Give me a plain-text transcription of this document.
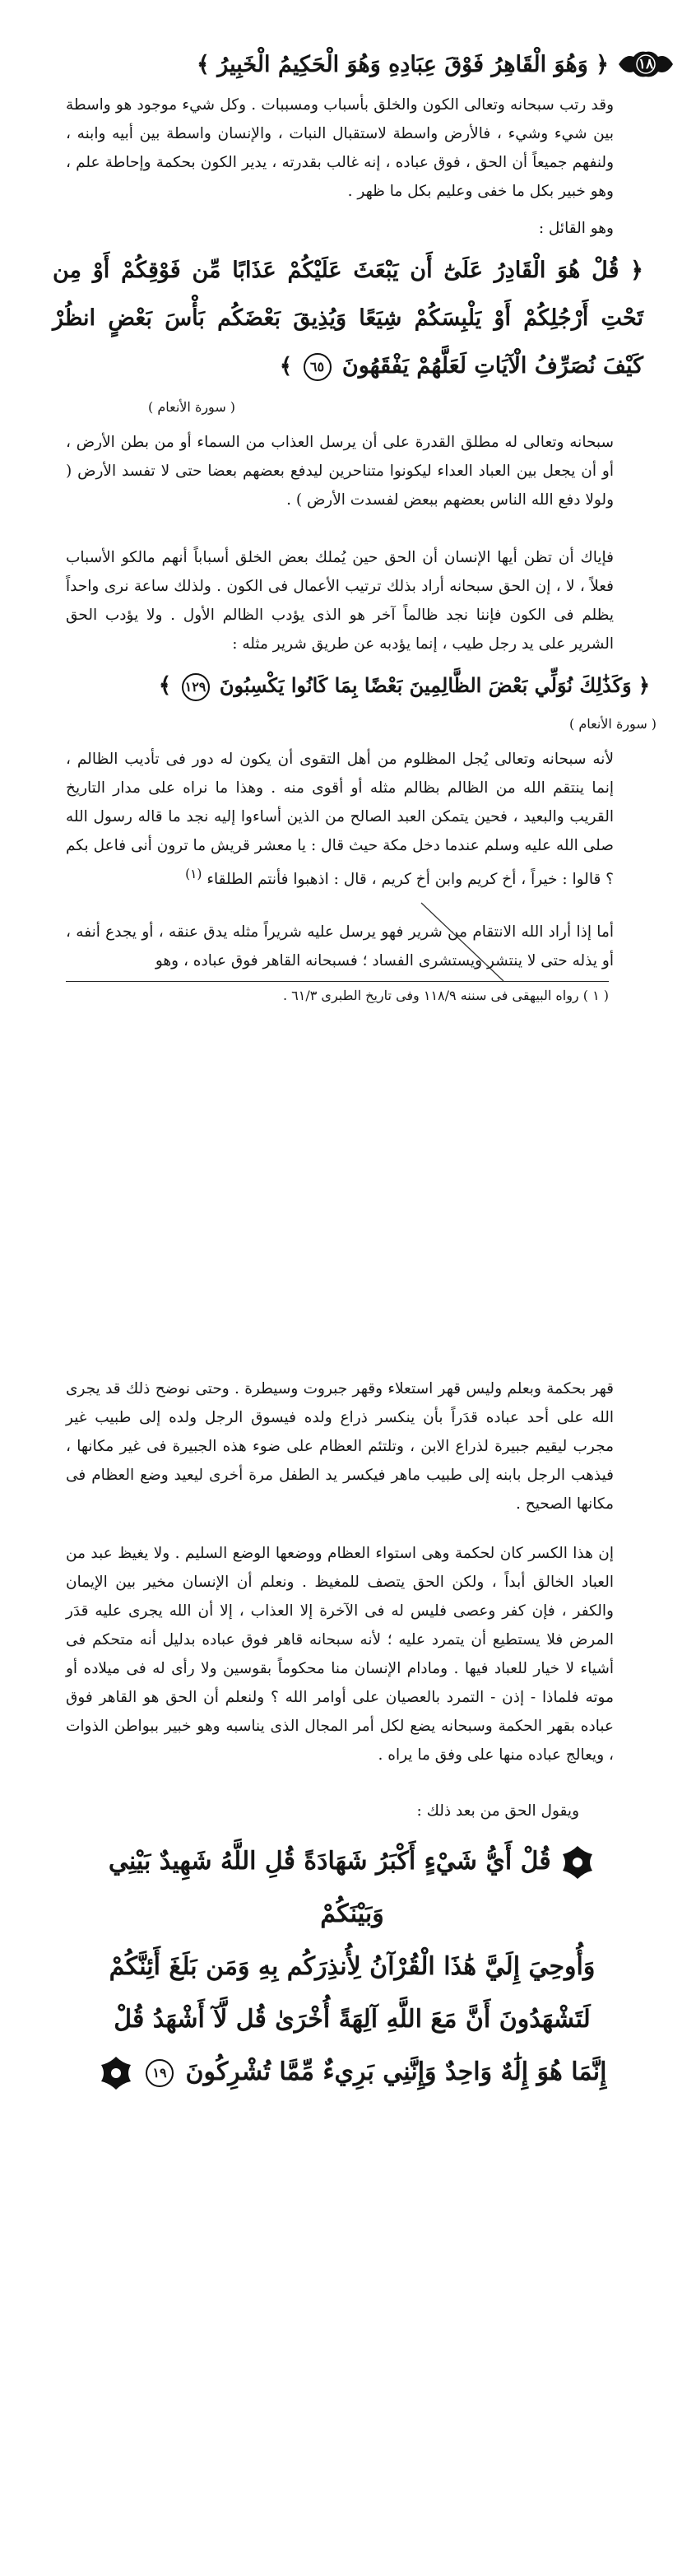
١٨
﴿ وَهُوَ الْقَاهِرُ فَوْقَ عِبَادِهِ وَهُوَ الْحَكِيمُ الْخَبِيرُ ﴾

وقد رتب سبحانه وتعالى الكون والخلق بأسباب ومسببات . وكل شيء موجود هو واسطة بين شيء وشيء ، فالأرض واسطة لاستقبال النبات ، والإنسان واسطة بين أبيه وابنه ، ولنفهم جميعاً أن الحق ، فوق عباده ، إنه غالب بقدرته ، يدير الكون بحكمة وإحاطة علم ، وهو خبير بكل ما خفى وعليم بكل ما ظهر .

وهو القائل :

﴿ قُلْ هُوَ الْقَادِرُ عَلَىٰٓ أَن يَبْعَثَ عَلَيْكُمْ عَذَابًا مِّن فَوْقِكُمْ أَوْ مِن تَحْتِ أَرْجُلِكُمْ أَوْ يَلْبِسَكُمْ شِيَعًا وَيُذِيقَ بَعْضَكُم بَأْسَ بَعْضٍ انظُرْ كَيْفَ نُصَرِّفُ الْآيَاتِ لَعَلَّهُمْ يَفْقَهُونَ ٦٥ ﴾
( سورة الأنعام )

سبحانه وتعالى له مطلق القدرة على أن يرسل العذاب من السماء أو من بطن الأرض ، أو أن يجعل بين العباد العداء ليكونوا متناحرين ليدفع بعضهم بعضا حتى لا تفسد الأرض ( ولولا دفع الله الناس بعضهم ببعض لفسدت الأرض ) .

فإياك أن تظن أيها الإنسان أن الحق حين يُملك بعض الخلق أسباباً أنهم مالكو الأسباب فعلاً ، لا ، إن الحق سبحانه أراد بذلك ترتيب الأعمال فى الكون . ولذلك ساعة نرى واحداً يظلم فى الكون فإننا نجد ظالماً آخر هو الذى يؤدب الظالم الأول . ولا يؤدب الحق الشرير على يد رجل طيب ، إنما يؤدبه عن طريق شرير مثله :

﴿ وَكَذَٰلِكَ نُوَلِّي بَعْضَ الظَّالِمِينَ بَعْضًا بِمَا كَانُوا يَكْسِبُونَ ١٢٩ ﴾
( سورة الأنعام )

لأنه سبحانه وتعالى يُجل المظلوم من أهل التقوى أن يكون له دور فى تأديب الظالم ، إنما ينتقم الله من الظالم بظالم مثله أو أقوى منه . وهذا ما نراه على مدار التاريخ القريب والبعيد ، فحين يتمكن العبد الصالح من الذين أساءوا إليه نجد ما قاله رسول الله صلى الله عليه وسلم عندما دخل مكة حيث قال : يا معشر قريش ما ترون أنى فاعل بكم ؟ قالوا : خيراً ، أخ كريم وابن أخ كريم ، قال : اذهبوا فأنتم الطلقاء $^{(١)}$

أما إذا أراد الله الانتقام من شرير فهو يرسل عليه شريراً مثله يدق عنقه ، أو يجدع أنفه ، أو يذله حتى لا ينتشر ويستشرى الفساد ؛ فسبحانه القاهر فوق عباده ، وهو

( ١ ) رواه البيهقى فى سننه ١١٨/٩ وفى تاريخ الطبرى ٦١/٣ .

قهر بحكمة وبعلم وليس قهر استعلاء وقهر جبروت وسيطرة . وحتى نوضح ذلك قد يجرى الله على أحد عباده قدَراً بأن ينكسر ذراع ولده فيسوق الرجل ولده إلى طبيب غير مجرب ليقيم جبيرة لذراع الابن ، وتلتئم العظام على ضوء هذه الجبيرة فى غير مكانها ، فيذهب الرجل بابنه إلى طبيب ماهر فيكسر يد الطفل مرة أخرى ليعيد وضع العظام فى مكانها الصحيح .

إن هذا الكسر كان لحكمة وهى استواء العظام ووضعها الوضع السليم . ولا يغيظ عبد من العباد الخالق أبداً ، ولكن الحق يتصف للمغيظ . ونعلم أن الإنسان مخير بين الإيمان والكفر ، فإن كفر وعصى فليس له فى الآخرة إلا العذاب ، إلا أن الله يجرى عليه قدَر المرض فلا يستطيع أن يتمرد عليه ؛ لأنه سبحانه قاهر فوق عباده بدليل أنه متحكم فى أشياء لا خيار للعباد فيها . ومادام الإنسان منا محكوماً بقوسين ولا رأى له فى ميلاده أو موته فلماذا - إذن - التمرد بالعصيان على أوامر الله ؟ ولنعلم أن الحق هو القاهر فوق عباده بقهر الحكمة وسبحانه يضع لكل أمر المجال الذى يناسبه وهو خبير ببواطن الذوات ، ويعالج عباده منها على وفق ما يراه .

ويقول الحق من بعد ذلك :
قُلْ أَيُّ شَيْءٍ أَكْبَرُ شَهَادَةً قُلِ اللَّهُ شَهِيدٌ بَيْنِي وَبَيْنَكُمْ
وَأُوحِيَ إِلَيَّ هَٰذَا الْقُرْآنُ لِأُنذِرَكُم بِهِ وَمَن بَلَغَ أَئِنَّكُمْ
لَتَشْهَدُونَ أَنَّ مَعَ اللَّهِ آلِهَةً أُخْرَىٰ قُل لَّآ أَشْهَدُ قُلْ
إِنَّمَا هُوَ إِلَٰهٌ وَاحِدٌ وَإِنَّنِي بَرِيءٌ مِّمَّا تُشْرِكُونَ ١٩
